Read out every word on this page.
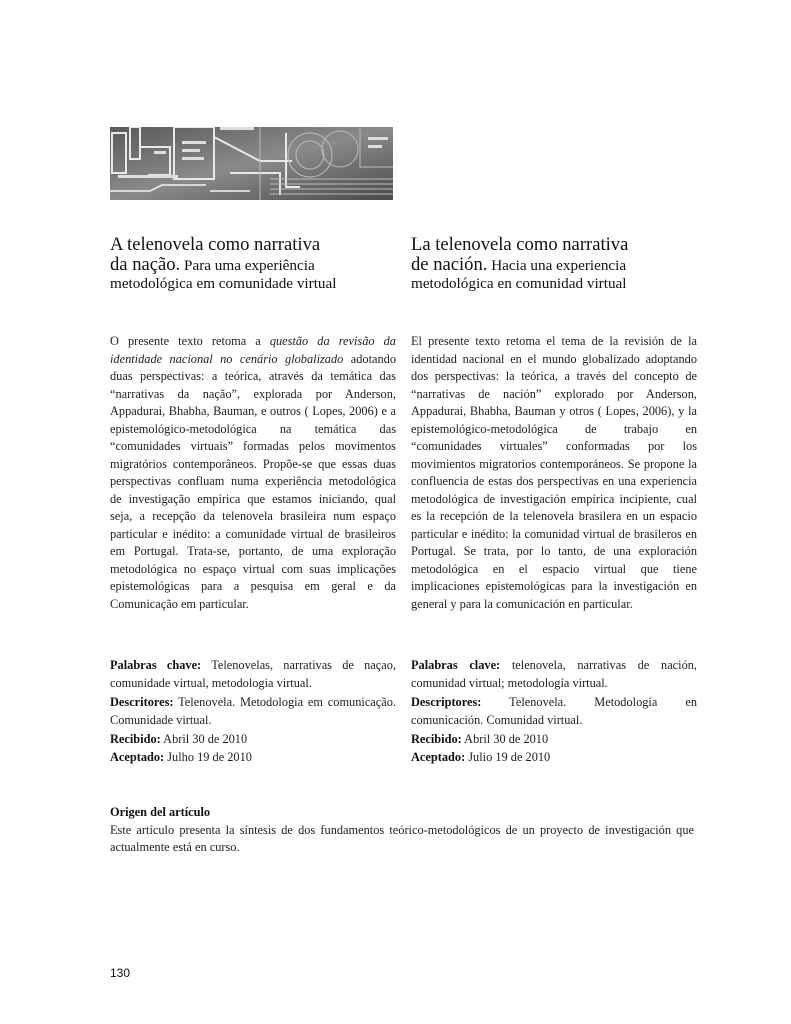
A telenovela como narrativa
da nação. Para uma experiência
metodológica em comunidade virtual
La telenovela como narrativa
de nación. Hacia una experiencia
metodológica en comunidad virtual
O presente texto retoma a questão da revisão da identidade nacional no cenário globalizado adotando duas perspectivas: a teórica, através da temática das “narrativas da nação”, explorada por Anderson, Appadurai, Bhabha, Bauman, e outros ( Lopes, 2006) e a epistemológico-metodológica na temática das “comunidades virtuais” formadas pelos movimentos migratórios contemporâneos. Propõe-se que essas duas perspectivas confluam numa experiência metodológica de investigação empírica que estamos iniciando, qual seja, a recepção da telenovela brasileira num espaço particular e inédito: a comunidade virtual de brasileiros em Portugal. Trata-se, portanto, de uma exploração metodológica no espaço virtual com suas implicações epistemológicas para a pesquisa em geral e da Comunicação em particular.
El presente texto retoma el tema de la revisión de la identidad nacional en el mundo globalizado adoptando dos perspectivas: la teórica, a través del concepto de “narrativas de nación” explorado por Anderson, Appadurai, Bhabha, Bauman y otros ( Lopes, 2006), y la epistemológico-metodológica de trabajo en “comunidades virtuales” conformadas por los movimientos migratorios contemporáneos. Se propone la confluencia de estas dos perspectivas en una experiencia metodológica de investigación empírica incipiente, cual es la recepción de la telenovela brasilera en un espacio particular e inédito: la comunidad virtual de brasileros en Portugal. Se trata, por lo tanto, de una exploración metodológica en el espacio virtual que tiene implicaciones epistemológicas para la investigación en general y para la comunicación en particular.
Palabras chave: Telenovelas, narrativas de naçao, comunidade virtual, metodologia virtual.
Descritores: Telenovela. Metodologia em comunicação. Comunidade virtual.
Recibido: Abril 30 de 2010
Aceptado: Julho 19 de 2010
Palabras clave: telenovela, narrativas de nación, comunidad virtual; metodología virtual.
Descriptores: Telenovela. Metodología en comunicación. Comunidad virtual.
Recibido: Abril 30 de 2010
Aceptado: Julio 19 de 2010
Origen del artículo
Este artículo presenta la síntesis de dos fundamentos teórico-metodológicos de un proyecto de investigación que actualmente está en curso.
130
